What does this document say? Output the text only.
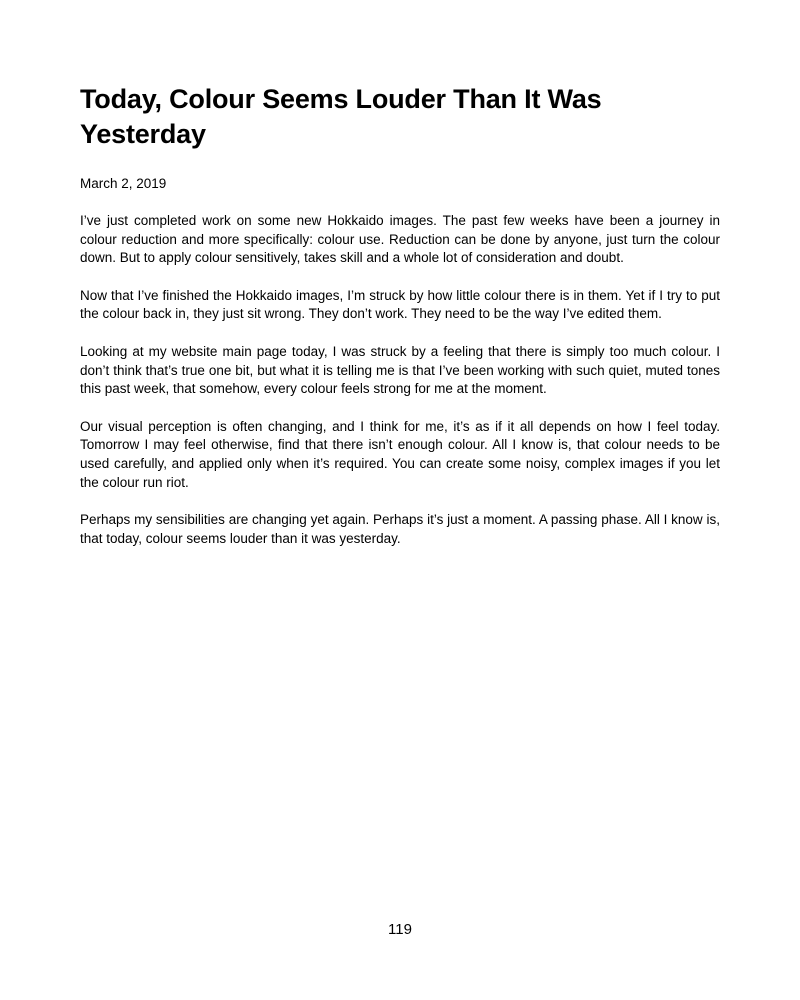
Today, Colour Seems Louder Than It Was Yesterday

March 2, 2019

I’ve just completed work on some new Hokkaido images. The past few weeks have been a journey in colour reduction and more specifically: colour use. Reduction can be done by anyone, just turn the colour down. But to apply colour sensitively, takes skill and a whole lot of consideration and doubt.

Now that I’ve finished the Hokkaido images, I’m struck by how little colour there is in them. Yet if I try to put the colour back in, they just sit wrong. They don’t work. They need to be the way I’ve edited them.

Looking at my website main page today, I was struck by a feeling that there is simply too much colour. I don’t think that’s true one bit, but what it is telling me is that I’ve been working with such quiet, muted tones this past week, that somehow, every colour feels strong for me at the moment.

Our visual perception is often changing, and I think for me, it’s as if it all depends on how I feel today. Tomorrow I may feel otherwise, find that there isn’t enough colour. All I know is, that colour needs to be used carefully, and applied only when it’s required. You can create some noisy, complex images if you let the colour run riot.

Perhaps my sensibilities are changing yet again. Perhaps it’s just a moment. A passing phase. All I know is, that today, colour seems louder than it was yesterday.

119
